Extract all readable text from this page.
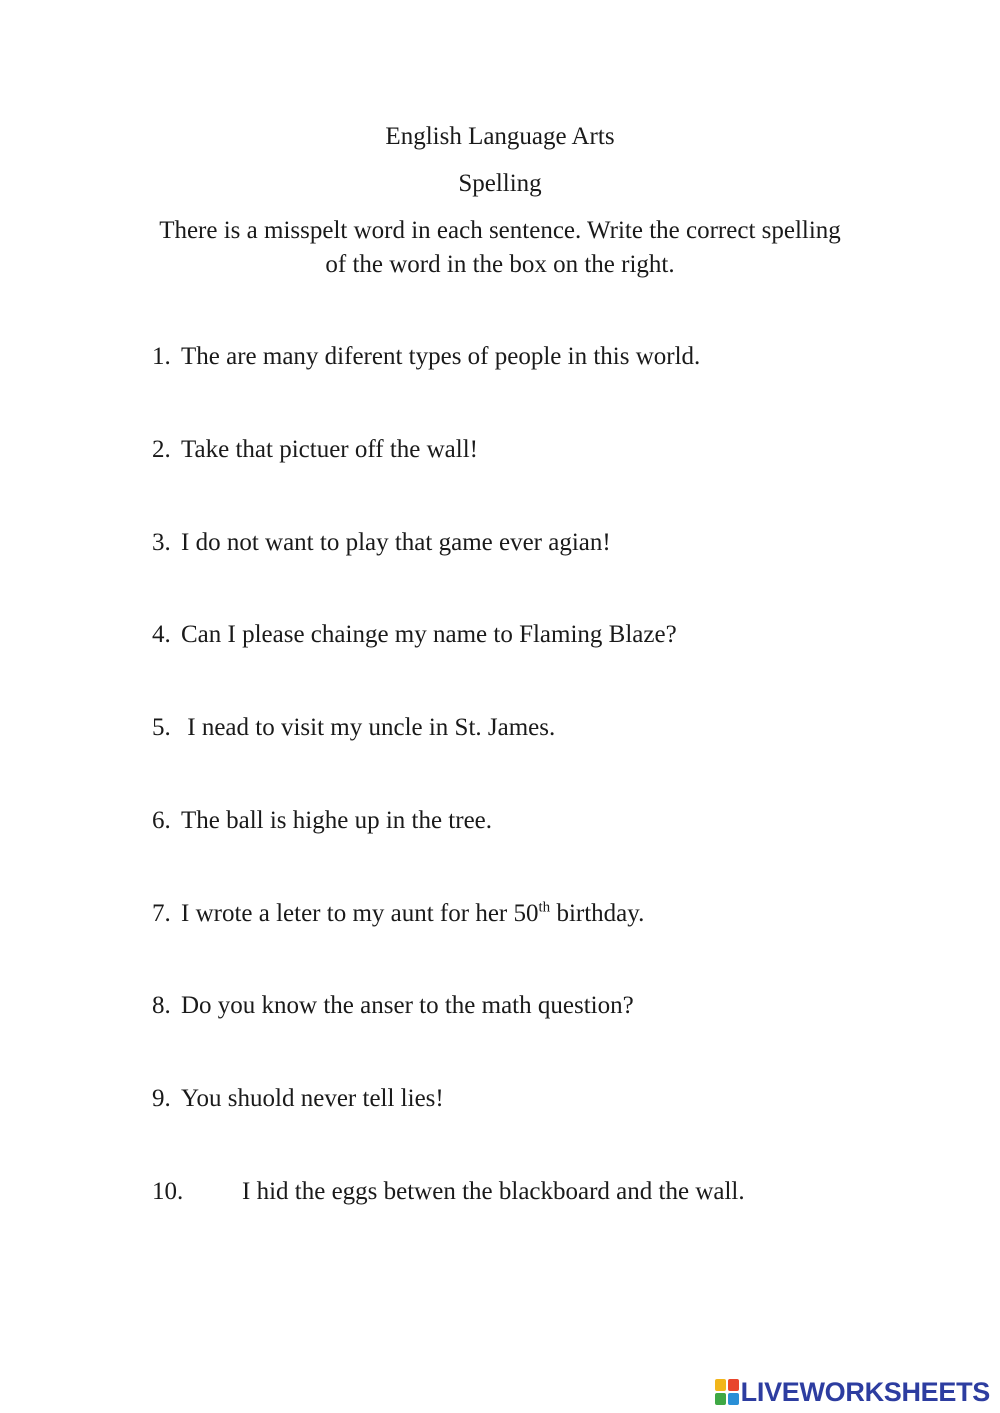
English Language Arts
Spelling
There is a misspelt word in each sentence. Write the correct spelling
of the word in the box on the right.
1. The are many diferent types of people in this world.
2. Take that pictuer off the wall!
3. I do not want to play that game ever agian!
4. Can I please chainge my name to Flaming Blaze?
5. I nead to visit my uncle in St. James.
6. The ball is highe up in the tree.
7. I wrote a leter to my aunt for her 50th birthday.
8. Do you know the anser to the math question?
9. You shuold never tell lies!
10. I hid the eggs betwen the blackboard and the wall.
LIVEWORKSHEETS
